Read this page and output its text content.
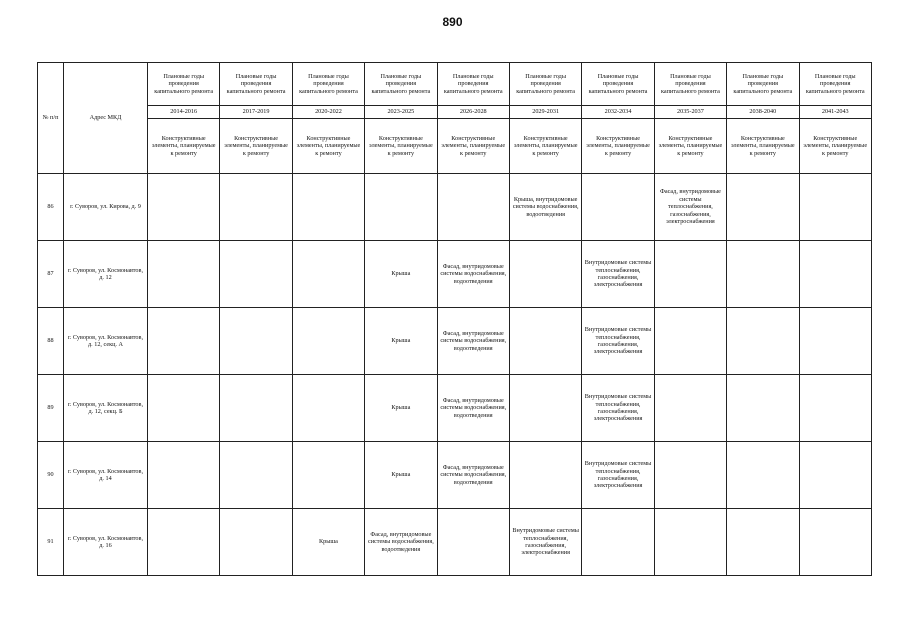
890
№ п/п	Адрес МКД	Плановые годы проведения капитального ремонта	Плановые годы проведения капитального ремонта	Плановые годы проведения капитального ремонта	Плановые годы проведения капитального ремонта	Плановые годы проведения капитального ремонта	Плановые годы проведения капитального ремонта	Плановые годы проведения капитального ремонта	Плановые годы проведения капитального ремонта	Плановые годы проведения капитального ремонта	Плановые годы проведения капитального ремонта
		2014-2016	2017-2019	2020-2022	2023-2025	2026-2028	2029-2031	2032-2034	2035-2037	2038-2040	2041-2043
		Конструктивные элементы, планируемые к ремонту	Конструктивные элементы, планируемые к ремонту	Конструктивные элементы, планируемые к ремонту	Конструктивные элементы, планируемые к ремонту	Конструктивные элементы, планируемые к ремонту	Конструктивные элементы, планируемые к ремонту	Конструктивные элементы, планируемые к ремонту	Конструктивные элементы, планируемые к ремонту	Конструктивные элементы, планируемые к ремонту	Конструктивные элементы, планируемые к ремонту
86	г. Суворов, ул. Кирова, д. 9						Крыша, внутридомовые системы водоснабжения, водоотведения		Фасад, внутридомовые системы теплоснабжения, газоснабжения, электроснабжения		
87	г. Суворов, ул. Космонавтов, д. 12				Крыша	Фасад, внутридомовые системы водоснабжения, водоотведения		Внутридомовые системы теплоснабжения, газоснабжения, электроснабжения			
88	г. Суворов, ул. Космонавтов, д. 12, секц. А				Крыша	Фасад, внутридомовые системы водоснабжения, водоотведения		Внутридомовые системы теплоснабжения, газоснабжения, электроснабжения			
89	г. Суворов, ул. Космонавтов, д. 12, секц. Б				Крыша	Фасад, внутридомовые системы водоснабжения, водоотведения		Внутридомовые системы теплоснабжения, газоснабжения, электроснабжения			
90	г. Суворов, ул. Космонавтов, д. 14				Крыша	Фасад, внутридомовые системы водоснабжения, водоотведения		Внутридомовые системы теплоснабжения, газоснабжения, электроснабжения			
91	г. Суворов, ул. Космонавтов, д. 16			Крыша	Фасад, внутридомовые системы водоснабжения, водоотведения		Внутридомовые системы теплоснабжения, газоснабжения, электроснабжения				
